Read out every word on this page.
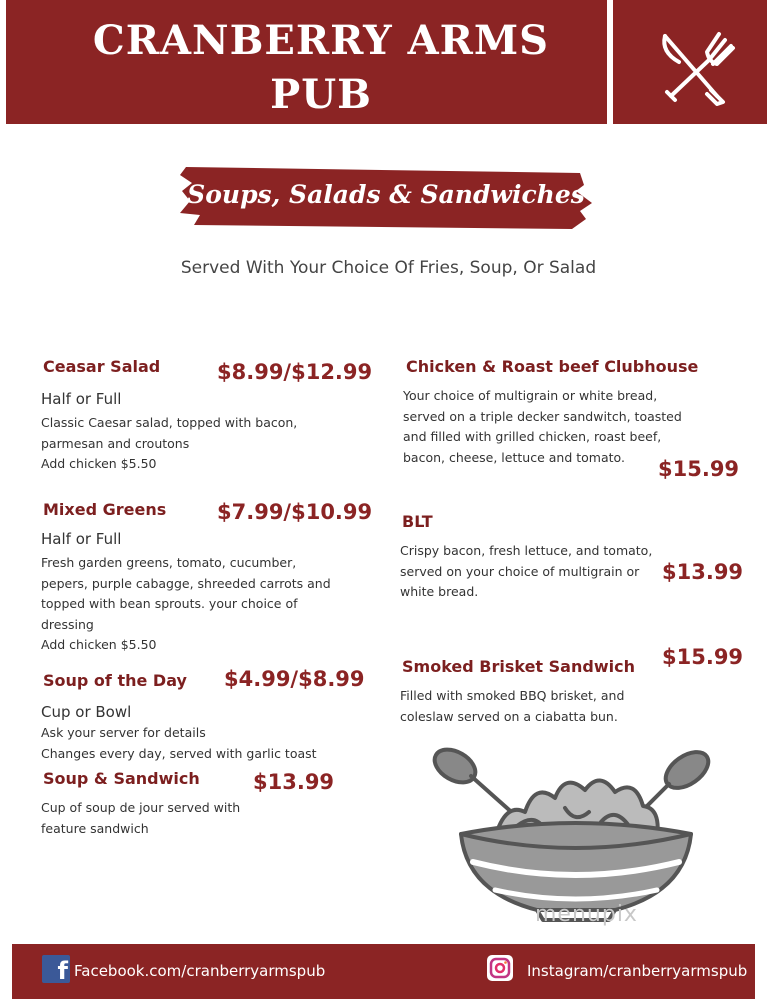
CRANBERRY ARMS
PUB
Soups, Salads & Sandwiches
Served With Your Choice Of Fries, Soup, Or Salad
Ceasar Salad	$8.99/$12.99
Half or Full
Classic Caesar salad, topped with bacon,
parmesan and croutons
Add chicken $5.50
Mixed Greens $7.99/$10.99
Half or Full
Fresh garden greens, tomato, cucumber,
pepers, purple cabagge, shreeded carrots and
topped with bean sprouts. your choice of
dressing
Add chicken $5.50
Soup of the Day $4.99/$8.99
Cup or Bowl
Ask your server for details
Changes every day, served with garlic toast
Soup & Sandwich	$13.99
Cup of soup de jour served with
feature sandwich
Chicken & Roast beef Clubhouse
Your choice of multigrain or white bread,
served on a triple decker sandwitch, toasted
and filled with grilled chicken, roast beef,
bacon, cheese, lettuce and tomato.	$15.99
BLT
Crispy bacon, fresh lettuce, and tomato,
served on your choice of multigrain or
white bread.
$13.99
$15.99
Smoked Brisket Sandwich
Filled with smoked BBQ brisket, and
coleslaw served on a ciabatta bun.
menupix
f Facebook.com/cranberryarmspub	Instagram/cranberryarmspub
